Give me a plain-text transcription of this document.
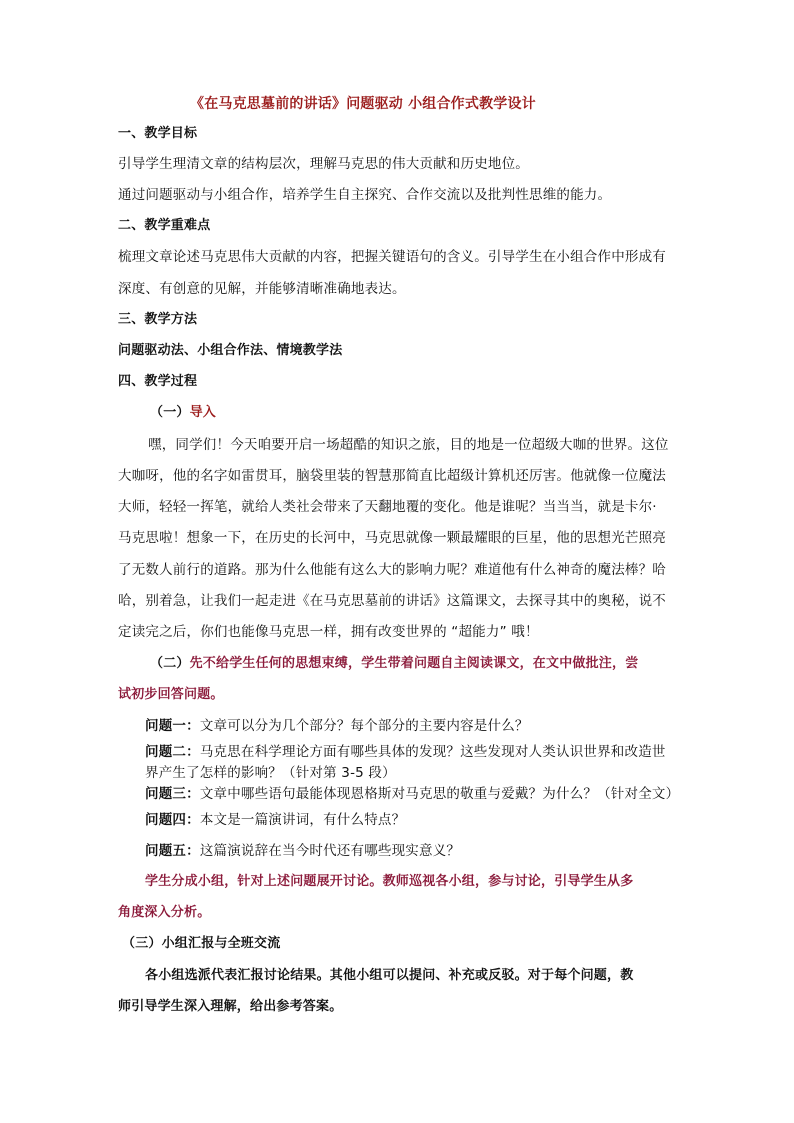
《在马克思墓前的讲话》问题驱动 小组合作式教学设计
一、教学目标
引导学生理清文章的结构层次，理解马克思的伟大贡献和历史地位。
通过问题驱动与小组合作，培养学生自主探究、合作交流以及批判性思维的能力。
二、教学重难点
梳理文章论述马克思伟大贡献的内容，把握关键语句的含义。引导学生在小组合作中形成有
深度、有创意的见解，并能够清晰准确地表达。
三、教学方法
问题驱动法、小组合作法、情境教学法
四、教学过程
（一）导入
嘿，同学们！今天咱要开启一场超酷的知识之旅，目的地是一位超级大咖的世界。这位
大咖呀，他的名字如雷贯耳，脑袋里装的智慧那简直比超级计算机还厉害。他就像一位魔法
大师，轻轻一挥笔，就给人类社会带来了天翻地覆的变化。他是谁呢？当当当，就是卡尔·
马克思啦！想象一下，在历史的长河中，马克思就像一颗最耀眼的巨星，他的思想光芒照亮
了无数人前行的道路。那为什么他能有这么大的影响力呢？难道他有什么神奇的魔法棒？哈
哈，别着急，让我们一起走进《在马克思墓前的讲话》这篇课文，去探寻其中的奥秘，说不
定读完之后，你们也能像马克思一样，拥有改变世界的 “超能力” 哦！
（二）先不给学生任何的思想束缚，学生带着问题自主阅读课文，在文中做批注，尝
试初步回答问题。
问题一：文章可以分为几个部分？每个部分的主要内容是什么？
问题二：马克思在科学理论方面有哪些具体的发现？这些发现对人类认识世界和改造世
界产生了怎样的影响？（针对第 3-5 段）
问题三：文章中哪些语句最能体现恩格斯对马克思的敬重与爱戴？为什么？（针对全文）
问题四：本文是一篇演讲词，有什么特点？
问题五：这篇演说辞在当今时代还有哪些现实意义？
学生分成小组，针对上述问题展开讨论。教师巡视各小组，参与讨论，引导学生从多
角度深入分析。
（三）小组汇报与全班交流
各小组选派代表汇报讨论结果。其他小组可以提问、补充或反驳。对于每个问题，教
师引导学生深入理解，给出参考答案。
